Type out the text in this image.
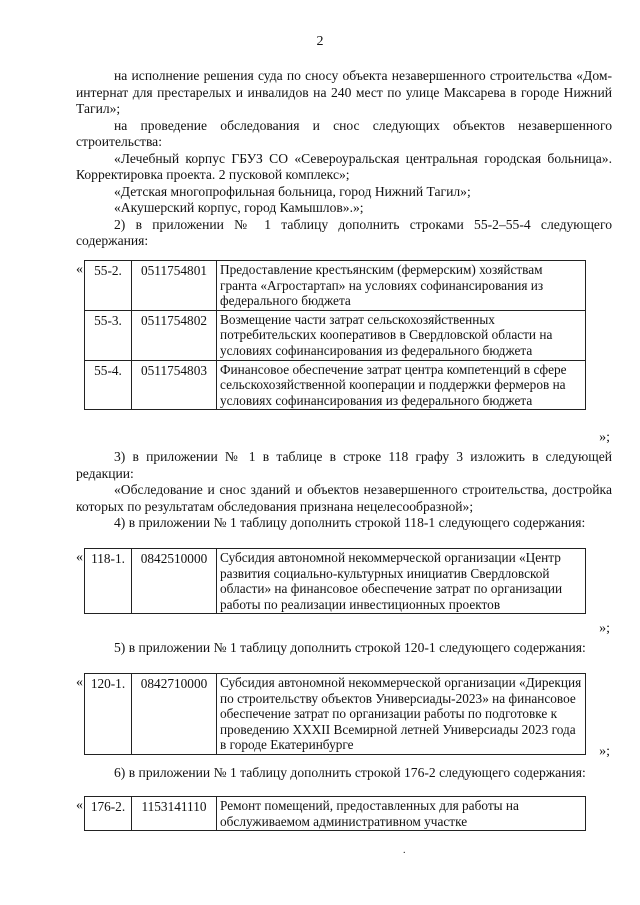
2

на исполнение решения суда по сносу объекта незавершенного строительства «Дом-интернат для престарелых и инвалидов на 240 мест по улице Максарева в городе Нижний Тагил»;

на проведение обследования и снос следующих объектов незавершенного строительства:

«Лечебный корпус ГБУЗ СО «Североуральская центральная городская больница». Корректировка проекта. 2 пусковой комплекс»;

«Детская многопрофильная больница, город Нижний Тагил»;

«Акушерский корпус, город Камышлов».»;

2) в приложении № 1 таблицу дополнить строками 55-2–55-4 следующего содержания:

« 55-2.	0511754801	Предоставление крестьянским (фермерским) хозяйствам гранта «Агростартап» на условиях софинансирования из федерального бюджета
55-3.	0511754802	Возмещение части затрат сельскохозяйственных потребительских кооперативов в Свердловской области на условиях софинансирования из федерального бюджета
55-4.	0511754803	Финансовое обеспечение затрат центра компетенций в сфере сельскохозяйственной кооперации и поддержки фермеров на условиях софинансирования из федерального бюджета
»;

3) в приложении № 1 в таблице в строке 118 графу 3 изложить в следующей редакции:

«Обследование и снос зданий и объектов незавершенного строительства, достройка которых по результатам обследования признана нецелесообразной»;

4) в приложении № 1 таблицу дополнить строкой 118-1 следующего содержания:

« 118-1.	0842510000	Субсидия автономной некоммерческой организации «Центр развития социально-культурных инициатив Свердловской области» на финансовое обеспечение затрат по организации работы по реализации инвестиционных проектов
»;

5) в приложении № 1 таблицу дополнить строкой 120-1 следующего содержания:

« 120-1.	0842710000	Субсидия автономной некоммерческой организации «Дирекция по строительству объектов Универсиады-2023» на финансовое обеспечение затрат по организации работы по подготовке к проведению XXXII Всемирной летней Универсиады 2023 года в городе Екатеринбурге	»;

6) в приложении № 1 таблицу дополнить строкой 176-2 следующего содержания:

« 176-2.	1153141110	Ремонт помещений, предоставленных для работы на обслуживаемом административном участке
.
